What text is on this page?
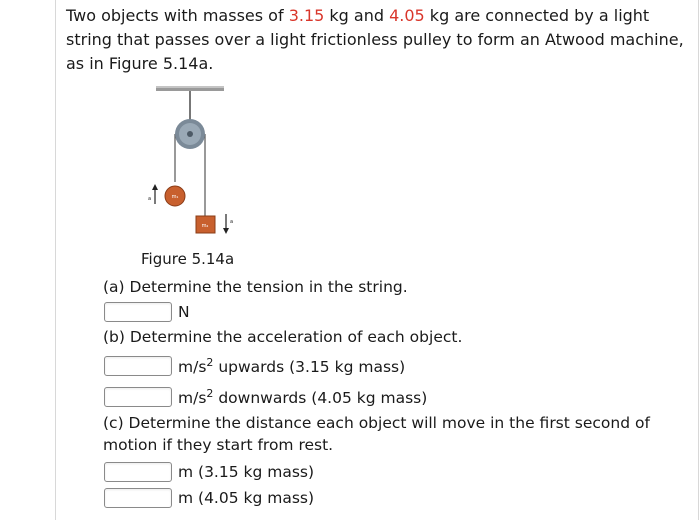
Two objects with masses of 3.15 kg and 4.05 kg are connected by a light string that passes over a light frictionless pulley to form an Atwood machine, as in Figure 5.14a.

m₁
m₂
a
a
Figure 5.14a
(a) Determine the tension in the string.
N
(b) Determine the acceleration of each object.
$m/s^2$ upwards (3.15 kg mass)
$m/s^2$ downwards (4.05 kg mass)
(c) Determine the distance each object will move in the first second of motion if they start from rest.
m (3.15 kg mass)
m (4.05 kg mass)
